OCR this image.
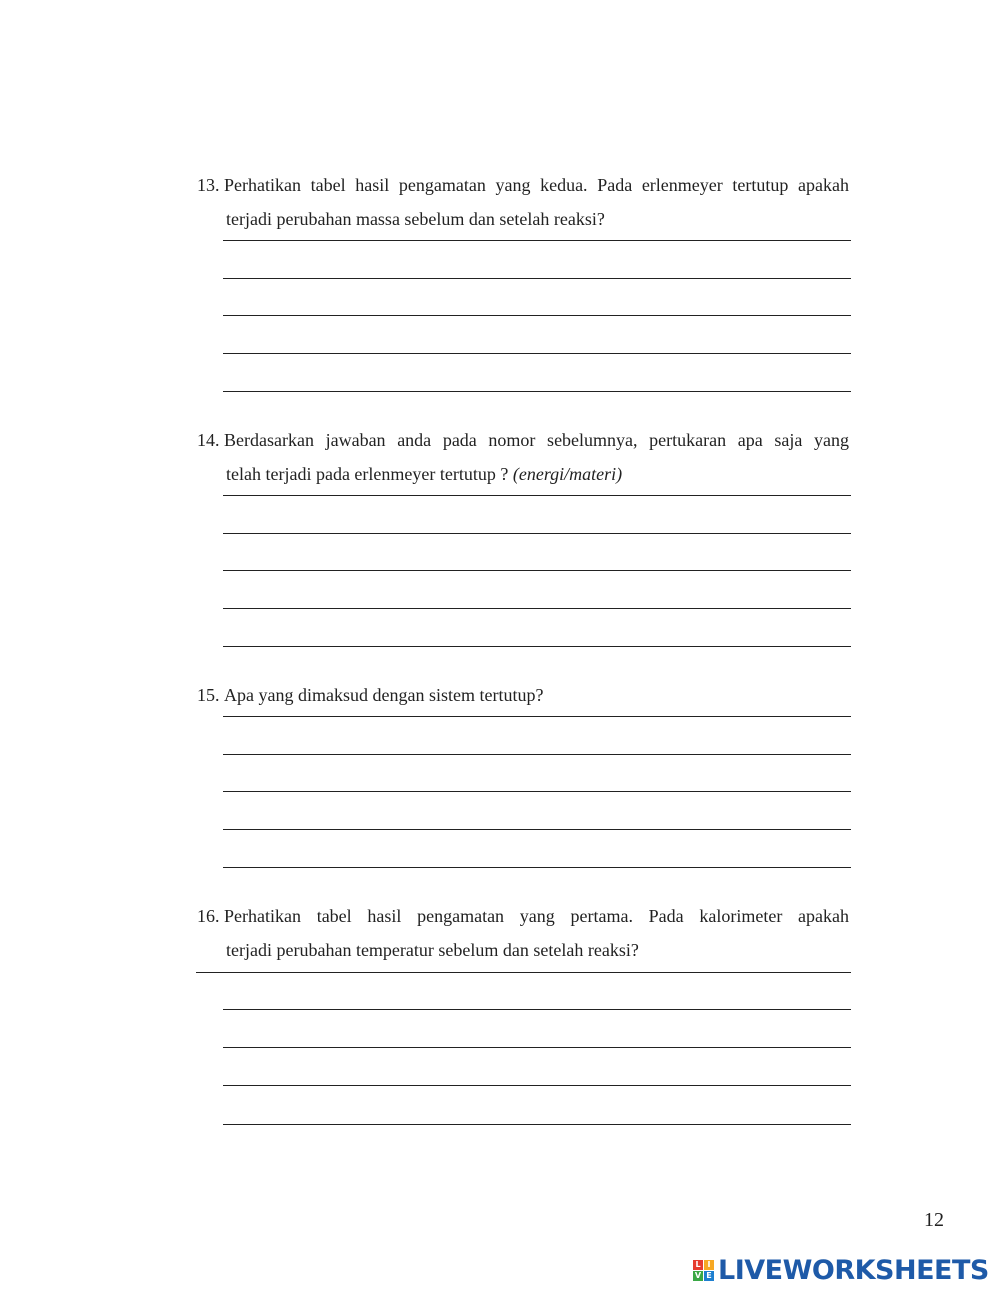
13. Perhatikan tabel hasil pengamatan yang kedua. Pada erlenmeyer tertutup apakah
terjadi perubahan massa sebelum dan setelah reaksi?
14. Berdasarkan jawaban anda pada nomor sebelumnya, pertukaran apa saja yang
telah terjadi pada erlenmeyer tertutup ? (energi/materi)
15. Apa yang dimaksud dengan sistem tertutup?
16. Perhatikan tabel hasil pengamatan yang pertama. Pada kalorimeter apakah
terjadi perubahan temperatur sebelum dan setelah reaksi?
12
L I
V E LIVEWORKSHEETS
